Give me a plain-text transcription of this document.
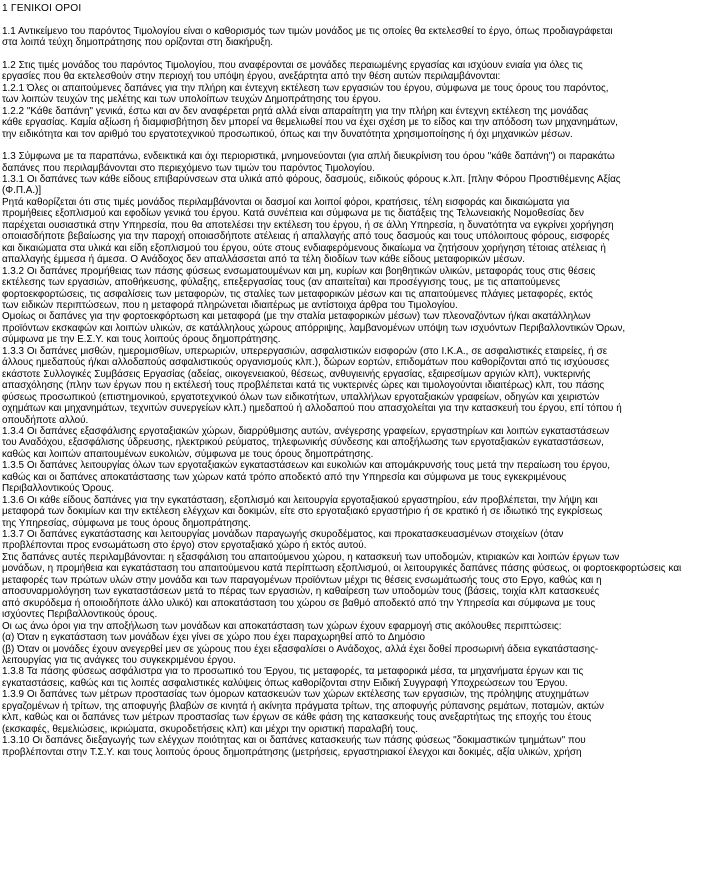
1 ΓΕΝΙΚΟΙ ΟΡΟΙ

1.1 Αντικείμενο του παρόντος Τιμολογίου είναι ο καθορισμός των τιμών μονάδος με τις οποίες θα εκτελεσθεί το έργο, όπως προδιαγράφεται
στα λοιπά τεύχη δημοπράτησης που ορίζονται στη διακήρυξη.

1.2 Στις τιμές μονάδος του παρόντος Τιμολογίου, που αναφέρονται σε μονάδες περαιωμένης εργασίας και ισχύουν ενιαία για όλες τις
εργασίες που θα εκτελεσθούν στην περιοχή του υπόψη έργου, ανεξάρτητα από την θέση αυτών περιλαμβάνονται:
1.2.1 Όλες οι απαιτούμενες δαπάνες για την πλήρη και έντεχνη εκτέλεση των εργασιών του έργου, σύμφωνα με τους όρους του παρόντος,
των λοιπών τευχών της μελέτης και των υπολοίπων τευχών Δημοπράτησης του έργου.
1.2.2 "Κάθε δαπάνη" γενικά, έστω και αν δεν αναφέρεται ρητά αλλά είναι απαραίτητη για την πλήρη και έντεχνη εκτέλεση της μονάδας
κάθε εργασίας. Καμία αξίωση ή διαμφισβήτηση δεν μπορεί να θεμελιωθεί που να έχει σχέση με το είδος και την απόδοση των μηχανημάτων,
την ειδικότητα και τον αριθμό του εργατοτεχνικού προσωπικού, όπως και την δυνατότητα χρησιμοποίησης ή όχι μηχανικών μέσων.

1.3 Σύμφωνα με τα παραπάνω, ενδεικτικά και όχι περιοριστικά, μνημονεύονται (για απλή διευκρίνιση του όρου "κάθε δαπάνη") οι παρακάτω
δαπάνες που περιλαμβάνονται στο περιεχόμενο των τιμών του παρόντος Τιμολογίου.
1.3.1 Οι δαπάνες των κάθε είδους επιβαρύνσεων στα υλικά από φόρους, δασμούς, ειδικούς φόρους κ.λπ. [πλην Φόρου Προστιθέμενης Αξίας
(Φ.Π.Α.)]
Ρητά καθορίζεται ότι στις τιμές μονάδος περιλαμβάνονται οι δασμοί και λοιποί φόροι, κρατήσεις, τέλη εισφοράς και δικαιώματα για
προμήθειες εξοπλισμού και εφοδίων γενικά του έργου. Κατά συνέπεια και σύμφωνα με τις διατάξεις της Τελωνειακής Νομοθεσίας δεν
παρέχεται ουσιαστικά στην Υπηρεσία, που θα αποτελέσει την εκτέλεση του έργου, ή σε άλλη Υπηρεσία, η δυνατότητα να εγκρίνει χορήγηση
οποιασδήποτε βεβαίωσης για την παροχή οποιασδήποτε ατέλειας ή απαλλαγής από τους δασμούς και τους υπόλοιπους φόρους, εισφορές
και δικαιώματα στα υλικά και είδη εξοπλισμού του έργου, ούτε στους ενδιαφερόμενους δικαίωμα να ζητήσουν χορήγηση τέτοιας ατέλειας ή
απαλλαγής έμμεσα ή άμεσα. Ο Ανάδοχος δεν απαλλάσσεται από τα τέλη διοδίων των κάθε είδους μεταφορικών μέσων.
1.3.2 Οι δαπάνες προμήθειας των πάσης φύσεως ενσωματουμένων και μη, κυρίων και βοηθητικών υλικών, μεταφοράς τους στις θέσεις
εκτέλεσης των εργασιών, αποθήκευσης, φύλαξης, επεξεργασίας τους (αν απαιτείται) και προσέγγισης τους, με τις απαιτούμενες
φορτοεκφορτώσεις, τις ασφαλίσεις των μεταφορών, τις σταλίες των μεταφορικών μέσων και τις απαιτούμενες πλάγιες μεταφορές, εκτός
των ειδικών περιπτώσεων, που η μεταφορά πληρώνεται ιδιαιτέρως με αντίστοιχα άρθρα του Τιμολογίου.
Ομοίως οι δαπάνες για την φορτοεκφόρτωση και μεταφορά (με την σταλία μεταφορικών μέσων) των πλεοναζόντων ή/και ακατάλληλων
προϊόντων εκσκαφών και λοιπών υλικών, σε κατάλληλους χώρους απόρριψης, λαμβανομένων υπόψη των ισχυόντων Περιβαλλοντικών Όρων,
σύμφωνα με την Ε.Σ.Υ. και τους λοιπούς όρους δημοπράτησης.
1.3.3 Οι δαπάνες μισθών, ημερομισθίων, υπερωριών, υπερεργασιών, ασφαλιστικών εισφορών (στο Ι.Κ.Α., σε ασφαλιστικές εταιρείες, ή σε
άλλους ημεδαπούς ή/και αλλοδαπούς ασφαλιστικούς οργανισμούς κλπ.), δώρων εορτών, επιδομάτων που καθορίζονται από τις ισχύουσες
εκάστοτε Συλλογικές Συμβάσεις Εργασίας (αδείας, οικογενειακού, θέσεως, ανθυγιεινής εργασίας, εξαιρεσίμων αργιών κλπ), νυκτερινής
απασχόλησης (πλην των έργων που η εκτέλεσή τους προβλέπεται κατά τις νυκτερινές ώρες και τιμολογούνται ιδιαιτέρως) κλπ, του πάσης
φύσεως προσωπικού (επιστημονικού, εργατοτεχνικού όλων των ειδικοτήτων, υπαλλήλων εργοταξιακών γραφείων, οδηγών και χειριστών
οχημάτων και μηχανημάτων, τεχνιτών συνεργείων κλπ.) ημεδαπού ή αλλοδαπού που απασχολείται για την κατασκευή του έργου, επί τόπου ή
οπουδήποτε αλλού.
1.3.4 Οι δαπάνες εξασφάλισης εργοταξιακών χώρων, διαρρύθμισης αυτών, ανέγερσης γραφείων, εργαστηρίων και λοιπών εγκαταστάσεων
του Αναδόχου, εξασφάλισης ύδρευσης, ηλεκτρικού ρεύματος, τηλεφωνικής σύνδεσης και αποξήλωσης των εργοταξιακών εγκαταστάσεων,
καθώς και λοιπών απαιτουμένων ευκολιών, σύμφωνα με τους όρους δημοπράτησης.
1.3.5 Οι δαπάνες λειτουργίας όλων των εργοταξιακών εγκαταστάσεων και ευκολιών και απομάκρυνσής τους μετά την περαίωση του έργου,
καθώς και οι δαπάνες αποκατάστασης των χώρων κατά τρόπο αποδεκτό από την Υπηρεσία και σύμφωνα με τους εγκεκριμένους
Περιβαλλοντικούς Όρους.
1.3.6 Οι κάθε είδους δαπάνες για την εγκατάσταση, εξοπλισμό και λειτουργία εργοταξιακού εργαστηρίου, εάν προβλέπεται, την λήψη και
μεταφορά των δοκιμίων και την εκτέλεση ελέγχων και δοκιμών, είτε στο εργοταξιακό εργαστήριο ή σε κρατικό ή σε ιδιωτικό της εγκρίσεως
της Υπηρεσίας, σύμφωνα με τους όρους δημοπράτησης.
1.3.7 Οι δαπάνες εγκατάστασης και λειτουργίας μονάδων παραγωγής σκυροδέματος, και προκατασκευασμένων στοιχείων (όταν
προβλέπονται προς ενσωμάτωση στο έργο) στον εργοταξιακό χώρο ή εκτός αυτού.
Στις δαπάνες αυτές περιλαμβάνονται: η εξασφάλιση του απαιτούμενου χώρου, η κατασκευή των υποδομών, κτιριακών και λοιπών έργων των
μονάδων, η προμήθεια και εγκατάσταση του απαιτούμενου κατά περίπτωση εξοπλισμού, οι λειτουργικές δαπάνες πάσης φύσεως, οι φορτοεκφορτώσεις και
μεταφορές των πρώτων υλών στην μονάδα και των παραγομένων προϊόντων μέχρι τις θέσεις ενσωμάτωσής τους στο Εργο, καθώς και η
αποσυναρμολόγηση των εγκαταστάσεων μετά το πέρας των εργασιών, η καθαίρεση των υποδομών τους (βάσεις, τοιχία κλπ κατασκευές
από σκυρόδεμα ή οποιοδήποτε άλλο υλικό) και αποκατάσταση του χώρου σε βαθμό αποδεκτό από την Υπηρεσία και σύμφωνα με τους
ισχύοντες Περιβαλλοντικούς όρους.
Οι ως άνω όροι για την αποξήλωση των μονάδων και αποκατάσταση των χώρων έχουν εφαρμογή στις ακόλουθες περιπτώσεις:
(α) Όταν η εγκατάσταση των μονάδων έχει γίνει σε χώρο που έχει παραχωρηθεί από το Δημόσιο
(β) Όταν οι μονάδες έχουν ανεγερθεί μεν σε χώρους που έχει εξασφαλίσει ο Ανάδοχος, αλλά έχει δοθεί προσωρινή άδεια εγκατάστασης-
λειτουργίας για τις ανάγκες του συγκεκριμένου έργου.
1.3.8 Τα πάσης φύσεως ασφάλιστρα για το προσωπικό του Έργου, τις μεταφορές, τα μεταφορικά μέσα, τα μηχανήματα έργων και τις
εγκαταστάσεις, καθώς και τις λοιπές ασφαλιστικές καλύψεις όπως καθορίζονται στην Ειδική Συγγραφή Υποχρεώσεων του Έργου.
1.3.9 Οι δαπάνες των μέτρων προστασίας των όμορων κατασκευών των χώρων εκτέλεσης των εργασιών, της πρόληψης ατυχημάτων
εργαζομένων ή τρίτων, της αποφυγής βλαβών σε κινητά ή ακίνητα πράγματα τρίτων, της αποφυγής ρύπανσης ρεμάτων, ποταμών, ακτών
κλπ, καθώς και οι δαπάνες των μέτρων προστασίας των έργων σε κάθε φάση της κατασκευής τους ανεξαρτήτως της εποχής του έτους
(εκσκαφές, θεμελιώσεις, ικριώματα, σκυροδετήσεις κλπ) και μέχρι την οριστική παραλαβή τους.
1.3.10 Οι δαπάνες διεξαγωγής των ελέγχων ποιότητας και οι δαπάνες κατασκευής των πάσης φύσεως "δοκιμαστικών τμημάτων" που
προβλέπονται στην Τ.Σ.Υ. και τους λοιπούς όρους δημοπράτησης (μετρήσεις, εργαστηριακοί έλεγχοι και δοκιμές, αξία υλικών, χρήση
